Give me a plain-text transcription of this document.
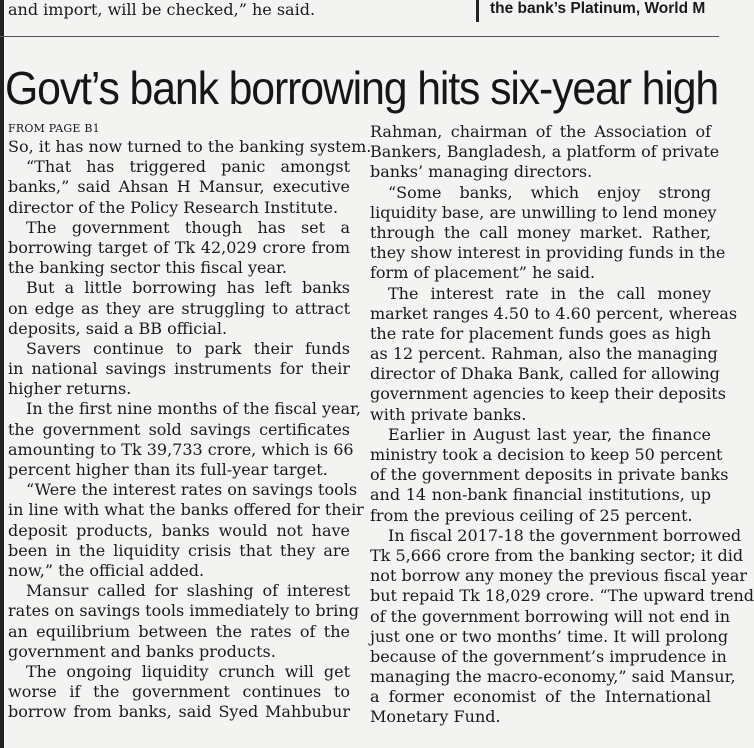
and import, will be checked,” he said.	the bank’s Platinum, World M
Govt’s bank borrowing hits six-year high
FROM PAGE B1
So, it has now turned to the banking system.
“That has triggered panic amongst
banks,” said Ahsan H Mansur, executive
director of the Policy Research Institute.
The government though has set a
borrowing target of Tk 42,029 crore from
the banking sector this fiscal year.
But a little borrowing has left banks
on edge as they are struggling to attract
deposits, said a BB official.
Savers continue to park their funds
in national savings instruments for their
higher returns.
In the first nine months of the fiscal year,
the government sold savings certificates
amounting to Tk 39,733 crore, which is 66
percent higher than its full-year target.
“Were the interest rates on savings tools
in line with what the banks offered for their
deposit products, banks would not have
been in the liquidity crisis that they are
now,” the official added.
Mansur called for slashing of interest
rates on savings tools immediately to bring
an equilibrium between the rates of the
government and banks products.
The ongoing liquidity crunch will get
worse if the government continues to
borrow from banks, said Syed Mahbubur
Rahman, chairman of the Association of
Bankers, Bangladesh, a platform of private
banks’ managing directors.
“Some banks, which enjoy strong
liquidity base, are unwilling to lend money
through the call money market. Rather,
they show interest in providing funds in the
form of placement” he said.
The interest rate in the call money
market ranges 4.50 to 4.60 percent, whereas
the rate for placement funds goes as high
as 12 percent. Rahman, also the managing
director of Dhaka Bank, called for allowing
government agencies to keep their deposits
with private banks.
Earlier in August last year, the finance
ministry took a decision to keep 50 percent
of the government deposits in private banks
and 14 non-bank financial institutions, up
from the previous ceiling of 25 percent.
In fiscal 2017-18 the government borrowed
Tk 5,666 crore from the banking sector; it did
not borrow any money the previous fiscal year
but repaid Tk 18,029 crore. “The upward trend
of the government borrowing will not end in
just one or two months’ time. It will prolong
because of the government’s imprudence in
managing the macro-economy,” said Mansur,
a former economist of the International
Monetary Fund.
